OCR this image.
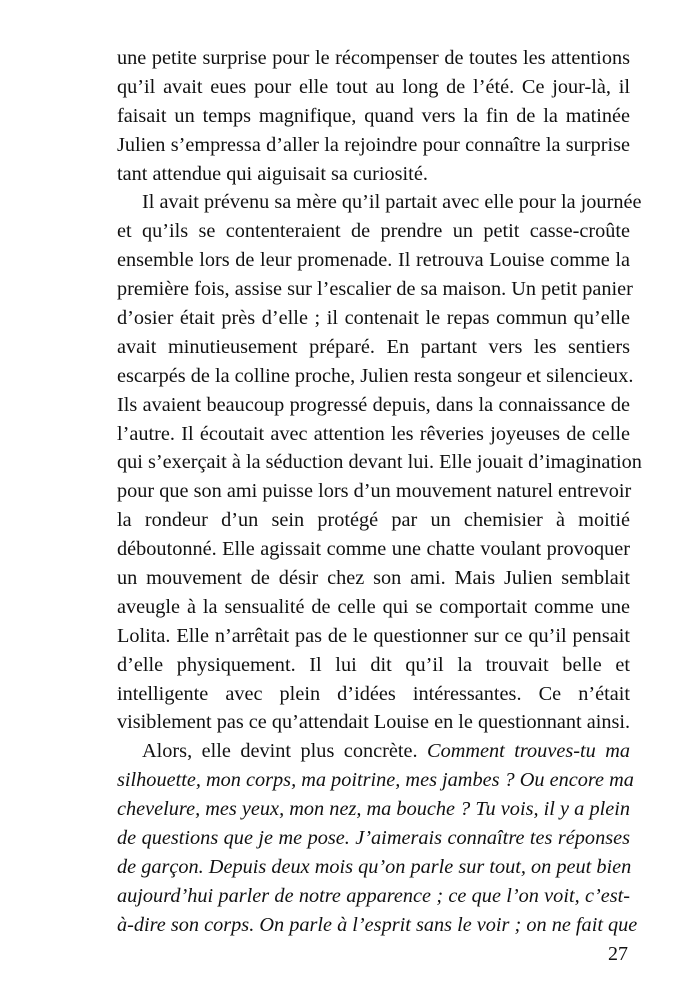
une petite surprise pour le récompenser de toutes les attentions
qu’il avait eues pour elle tout au long de l’été. Ce jour-là, il
faisait un temps magnifique, quand vers la fin de la matinée
Julien s’empressa d’aller la rejoindre pour connaître la surprise
tant attendue qui aiguisait sa curiosité.
Il avait prévenu sa mère qu’il partait avec elle pour la journée
et qu’ils se contenteraient de prendre un petit casse-croûte
ensemble lors de leur promenade. Il retrouva Louise comme la
première fois, assise sur l’escalier de sa maison. Un petit panier
d’osier était près d’elle ; il contenait le repas commun qu’elle
avait minutieusement préparé. En partant vers les sentiers
escarpés de la colline proche, Julien resta songeur et silencieux.
Ils avaient beaucoup progressé depuis, dans la connaissance de
l’autre. Il écoutait avec attention les rêveries joyeuses de celle
qui s’exerçait à la séduction devant lui. Elle jouait d’imagination
pour que son ami puisse lors d’un mouvement naturel entrevoir
la rondeur d’un sein protégé par un chemisier à moitié
déboutonné. Elle agissait comme une chatte voulant provoquer
un mouvement de désir chez son ami. Mais Julien semblait
aveugle à la sensualité de celle qui se comportait comme une
Lolita. Elle n’arrêtait pas de le questionner sur ce qu’il pensait
d’elle physiquement. Il lui dit qu’il la trouvait belle et
intelligente avec plein d’idées intéressantes. Ce n’était
visiblement pas ce qu’attendait Louise en le questionnant ainsi.
Alors, elle devint plus concrète. Comment trouves-tu ma
silhouette, mon corps, ma poitrine, mes jambes ? Ou encore ma
chevelure, mes yeux, mon nez, ma bouche ? Tu vois, il y a plein
de questions que je me pose. J’aimerais connaître tes réponses
de garçon. Depuis deux mois qu’on parle sur tout, on peut bien
aujourd’hui parler de notre apparence ; ce que l’on voit, c’est-
à-dire son corps. On parle à l’esprit sans le voir ; on ne fait que
27
